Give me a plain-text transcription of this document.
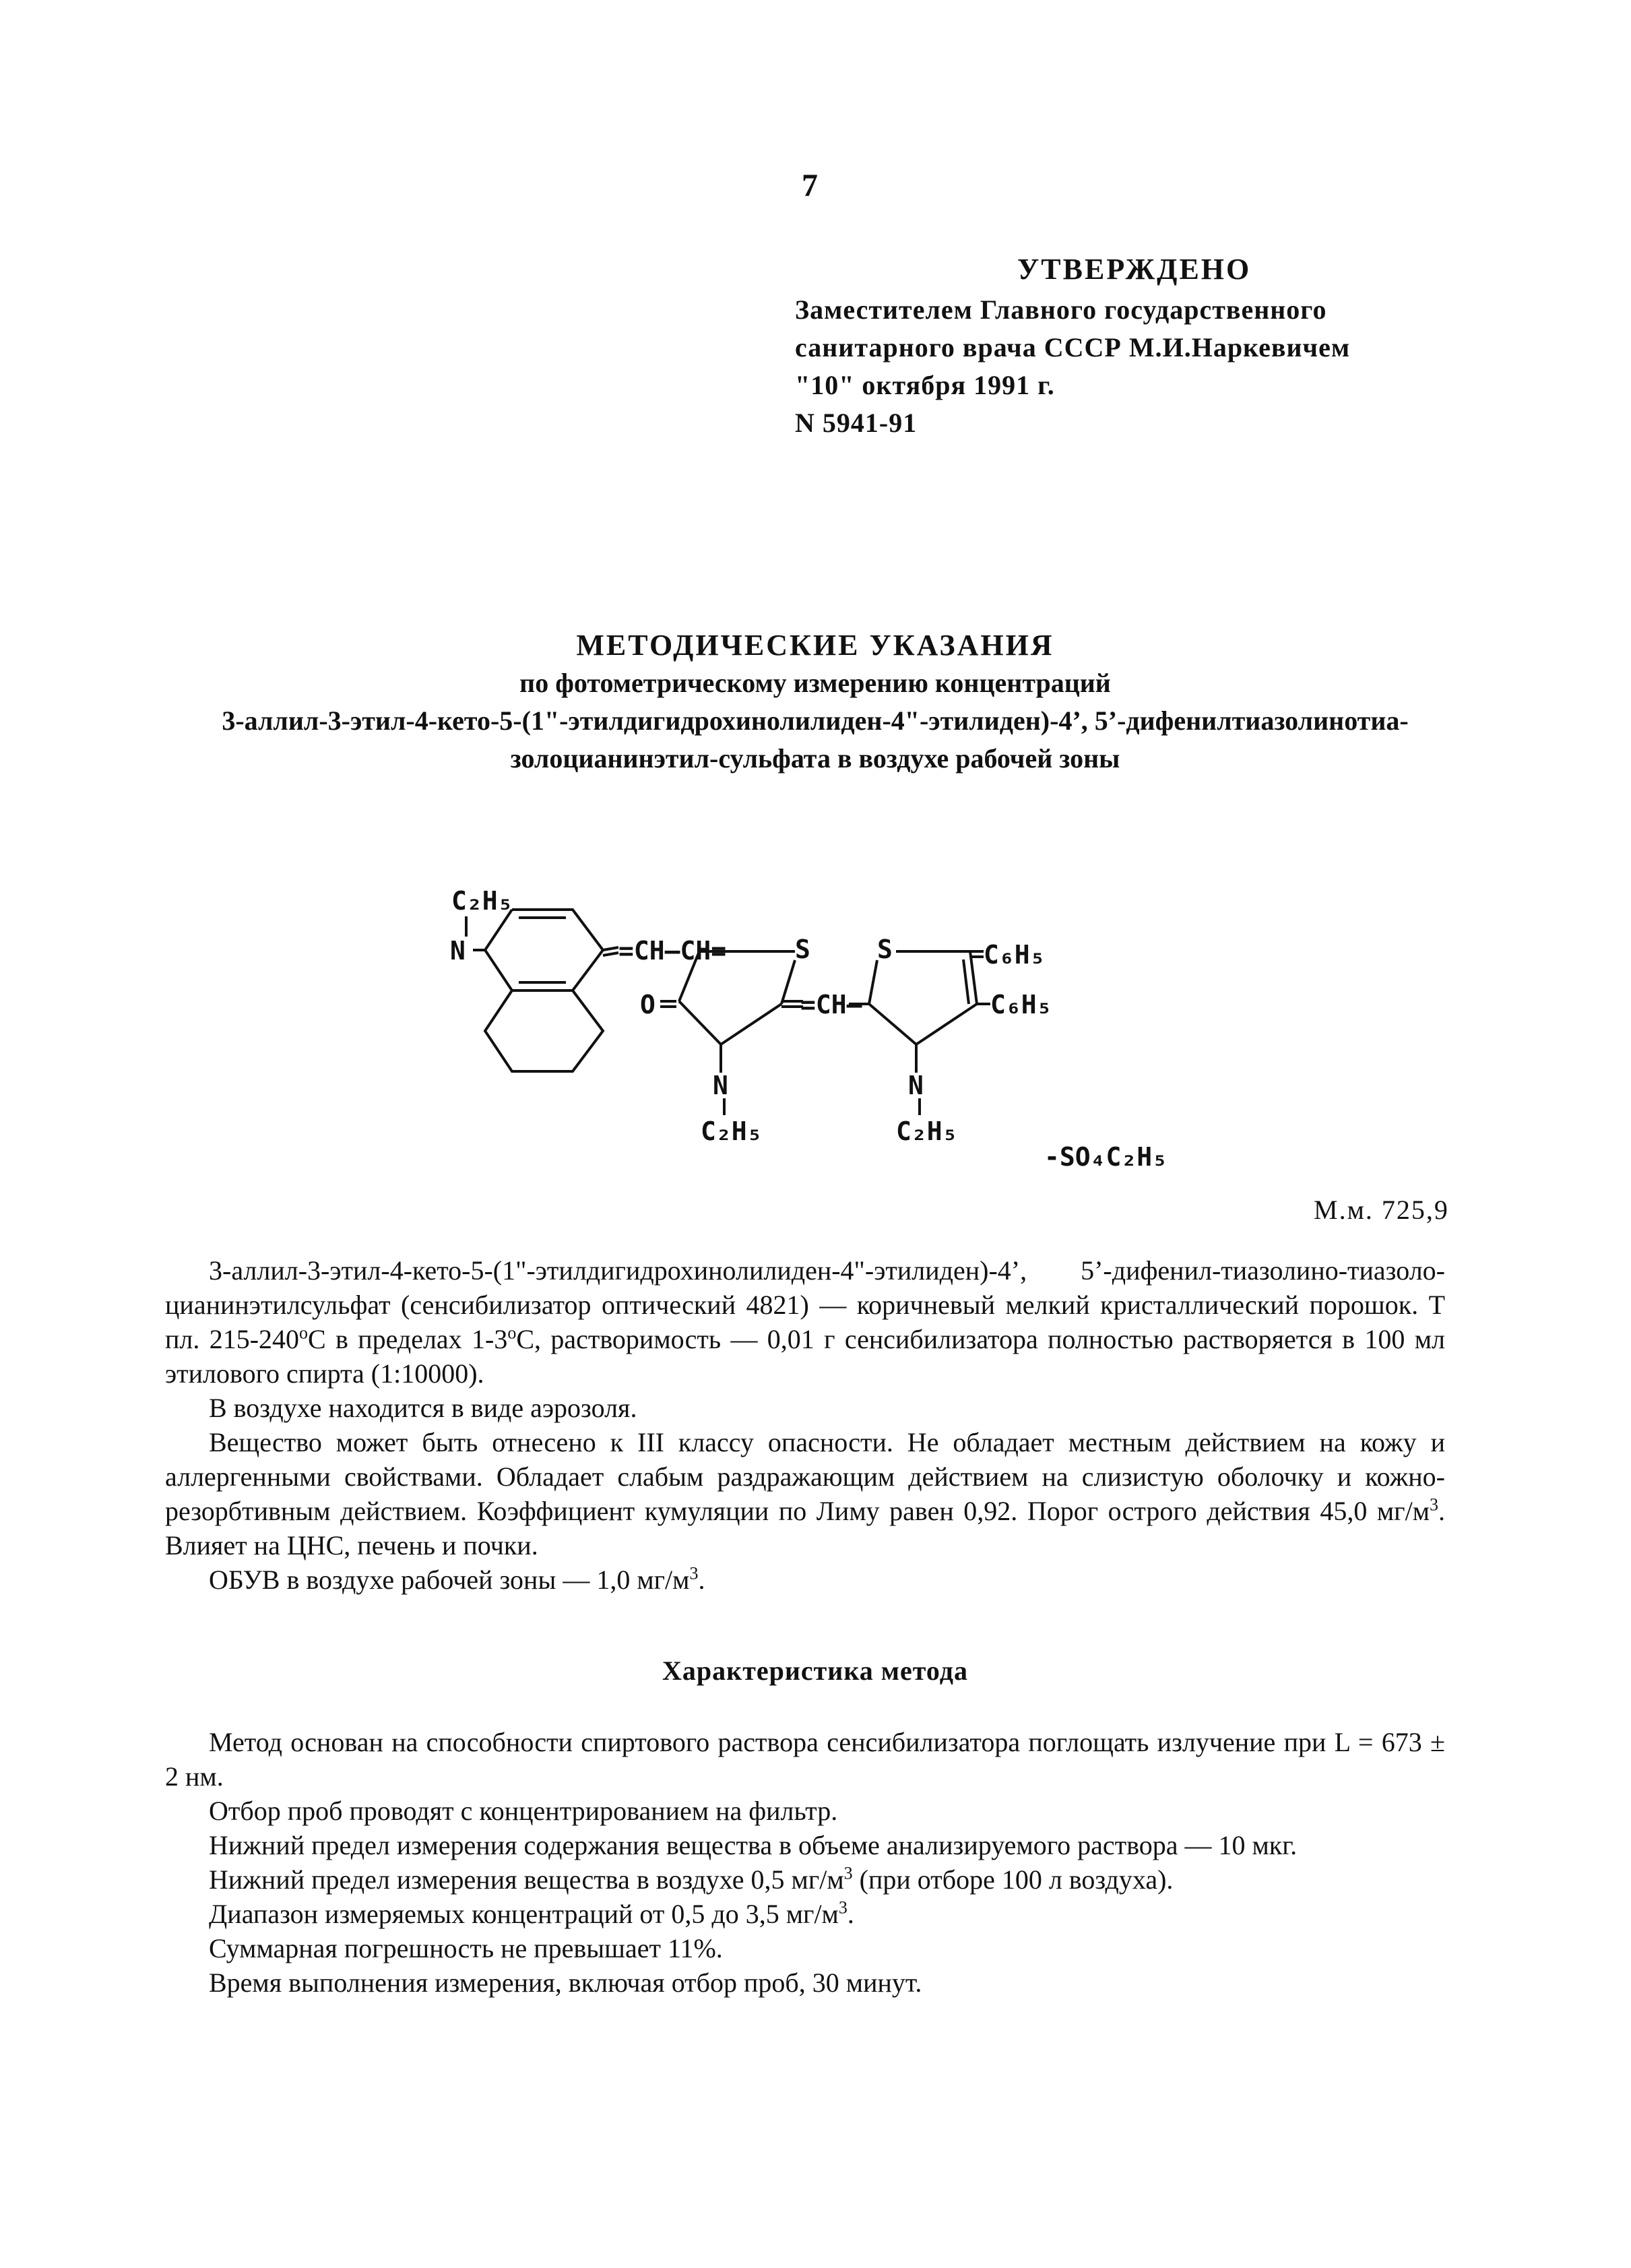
7
УТВЕРЖДЕНО
Заместителем Главного государственного
санитарного врача СССР М.И.Наркевичем
"10" октября 1991 г.
N 5941-91
МЕТОДИЧЕСКИЕ УКАЗАНИЯ
по фотометрическому измерению концентраций
3-аллил-3-этил-4-кето-5-(1"-этилдигидрохинолилиден-4"-этилиден)-4’, 5’-дифенилтиазолинотиа-
золоцианинэтил-сульфата в воздухе рабочей зоны
C₂H₅
N	=CH—CH=	S	S	C₆H₅
C₆H₅
O	=CH—
N	N
C₂H₅	C₂H₅
-SO₄C₂H₅
М.м. 725,9

3-аллил-3-этил-4-кето-5-(1"-этилдигидрохинолилиден-4"-этилиден)-4’, 5’-дифенил-тиазолино-тиазоло-цианинэтилсульфат (сенсибилизатор оптический 4821) — коричневый мелкий кристаллический порошок. Т пл. 215-240$^o$С в пределах 1-3$^o$С, растворимость — 0,01 г сенсибилизатора полностью растворяется в 100 мл этилового спирта (1:10000).

В воздухе находится в виде аэрозоля.

Вещество может быть отнесено к III классу опасности. Не обладает местным действием на кожу и аллергенными свойствами. Обладает слабым раздражающим действием на слизистую оболочку и кожно-резорбтивным действием. Коэффициент кумуляции по Лиму равен 0,92. Порог острого действия 45,0 $мг/м^3$. Влияет на ЦНС, печень и почки.

ОБУВ в воздухе рабочей зоны — 1,0 $мг/м^3$.

Характеристика метода

Метод основан на способности спиртового раствора сенсибилизатора поглощать излучение при L = 673 ± 2 нм.

Отбор проб проводят с концентрированием на фильтр.

Нижний предел измерения содержания вещества в объеме анализируемого раствора — 10 мкг.

Нижний предел измерения вещества в воздухе 0,5 $мг/м^3$ (при отборе 100 л воздуха).

Диапазон измеряемых концентраций от 0,5 до 3,5 $мг/м^3$.

Суммарная погрешность не превышает 11%.

Время выполнения измерения, включая отбор проб, 30 минут.
